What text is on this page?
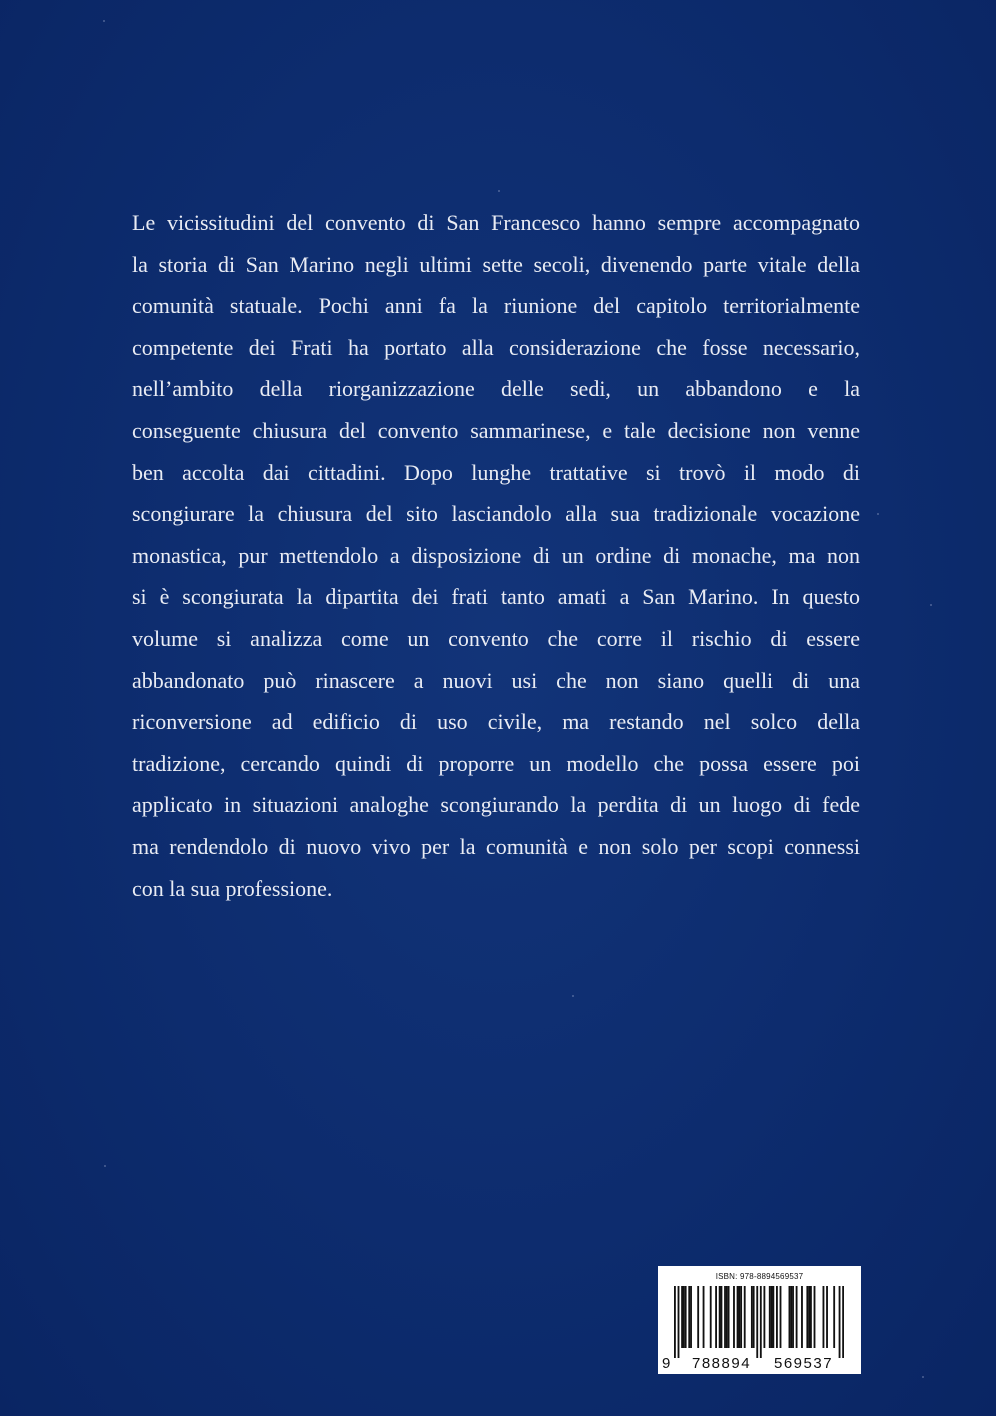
Le vicissitudini del convento di San Francesco hanno sempre accompagnato
la storia di San Marino negli ultimi sette secoli, divenendo parte vitale della
comunità statuale. Pochi anni fa la riunione del capitolo territorialmente
competente dei Frati ha portato alla considerazione che fosse necessario,
nell’ambito della riorganizzazione delle sedi, un abbandono e la
conseguente chiusura del convento sammarinese, e tale decisione non venne
ben accolta dai cittadini. Dopo lunghe trattative si trovò il modo di
scongiurare la chiusura del sito lasciandolo alla sua tradizionale vocazione
monastica, pur mettendolo a disposizione di un ordine di monache, ma non
si è scongiurata la dipartita dei frati tanto amati a San Marino. In questo
volume si analizza come un convento che corre il rischio di essere
abbandonato può rinascere a nuovi usi che non siano quelli di una
riconversione ad edificio di uso civile, ma restando nel solco della
tradizione, cercando quindi di proporre un modello che possa essere poi
applicato in situazioni analoghe scongiurando la perdita di un luogo di fede
ma rendendolo di nuovo vivo per la comunità e non solo per scopi connessi
con la sua professione.
ISBN: 978-8894569537
9 788894 569537
